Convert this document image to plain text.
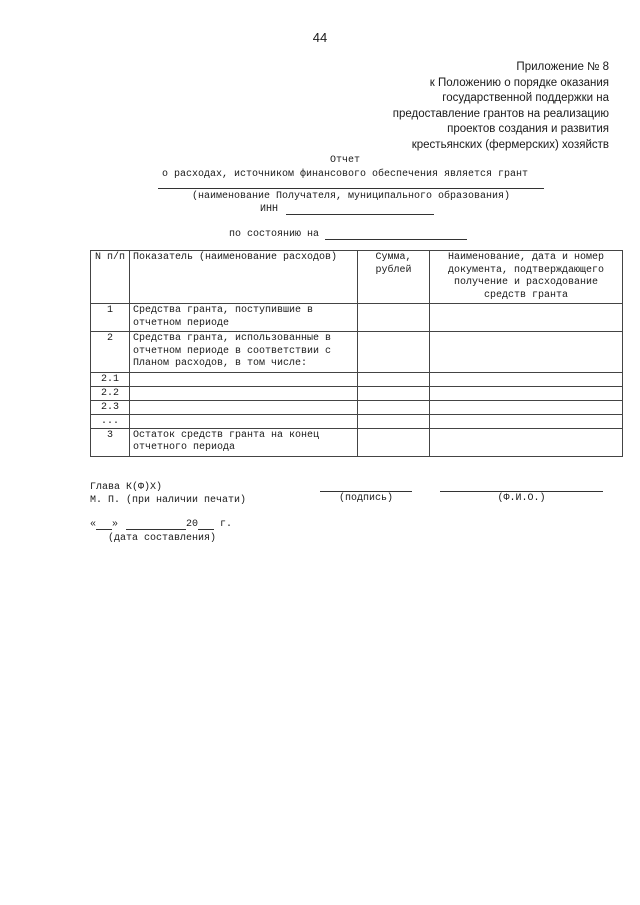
44
Приложение № 8
к Положению о порядке оказания
государственной поддержки на
предоставление грантов на реализацию
проектов создания и развития
крестьянских (фермерских) хозяйств
Отчет
о расходах, источником финансового обеспечения является грант
(наименование Получателя, муниципального образования)
ИНН
по состоянию на
N п/п	Показатель (наименование расходов)	Сумма, рублей	Наименование, дата и номер документа, подтверждающего получение и расходование средств гранта
1	Средства гранта, поступившие в отчетном периоде		
2	Средства гранта, использованные в отчетном периоде в соответствии с Планом расходов, в том числе:		
2.1			
2.2			
2.3			
...			
3	Остаток средств гранта на конец отчетного периода		
Глава К(Ф)Х)
М. П. (при наличии печати)	(подпись)	(Ф.И.О.)
« »	20 г.
(дата составления)
